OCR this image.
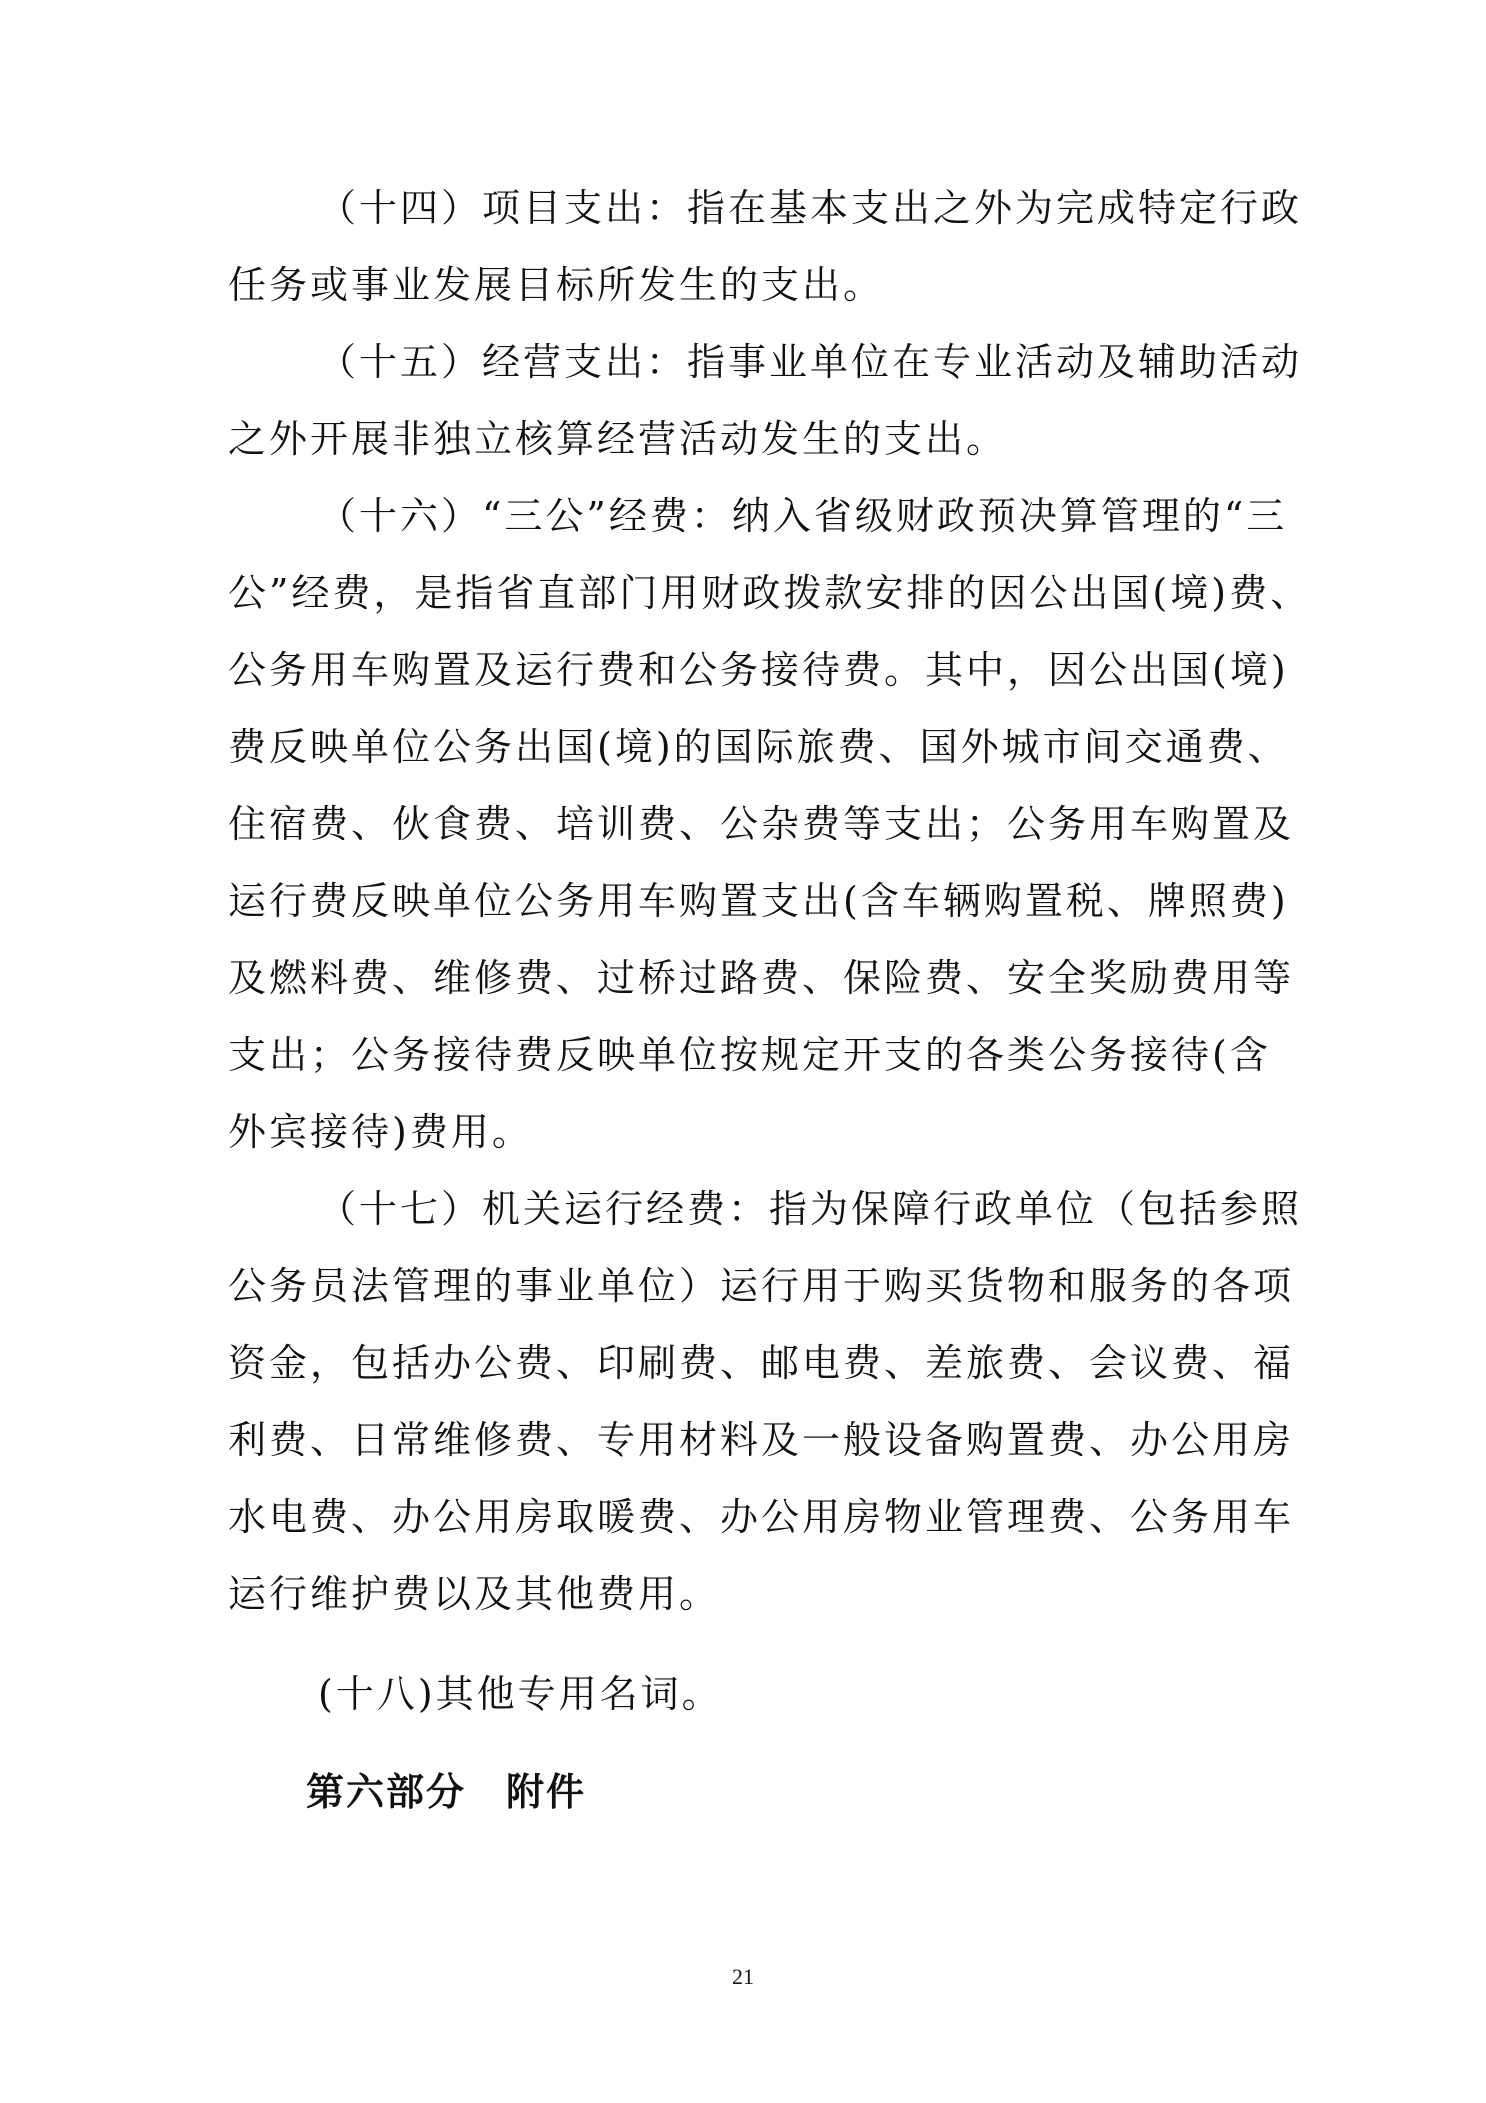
（十四）项目支出：指在基本支出之外为完成特定行政
任务或事业发展目标所发生的支出。
（十五）经营支出：指事业单位在专业活动及辅助活动
之外开展非独立核算经营活动发生的支出。
（十六）“三公”经费：纳入省级财政预决算管理的“三
公”经费，是指省直部门用财政拨款安排的因公出国(境)费、
公务用车购置及运行费和公务接待费。其中，因公出国(境)
费反映单位公务出国(境)的国际旅费、国外城市间交通费、
住宿费、伙食费、培训费、公杂费等支出；公务用车购置及
运行费反映单位公务用车购置支出(含车辆购置税、牌照费)
及燃料费、维修费、过桥过路费、保险费、安全奖励费用等
支出；公务接待费反映单位按规定开支的各类公务接待(含
外宾接待)费用。
（十七）机关运行经费：指为保障行政单位（包括参照
公务员法管理的事业单位）运行用于购买货物和服务的各项
资金，包括办公费、印刷费、邮电费、差旅费、会议费、福
利费、日常维修费、专用材料及一般设备购置费、办公用房
水电费、办公用房取暖费、办公用房物业管理费、公务用车
运行维护费以及其他费用。
(十八)其他专用名词。
第六部分　附件
21
